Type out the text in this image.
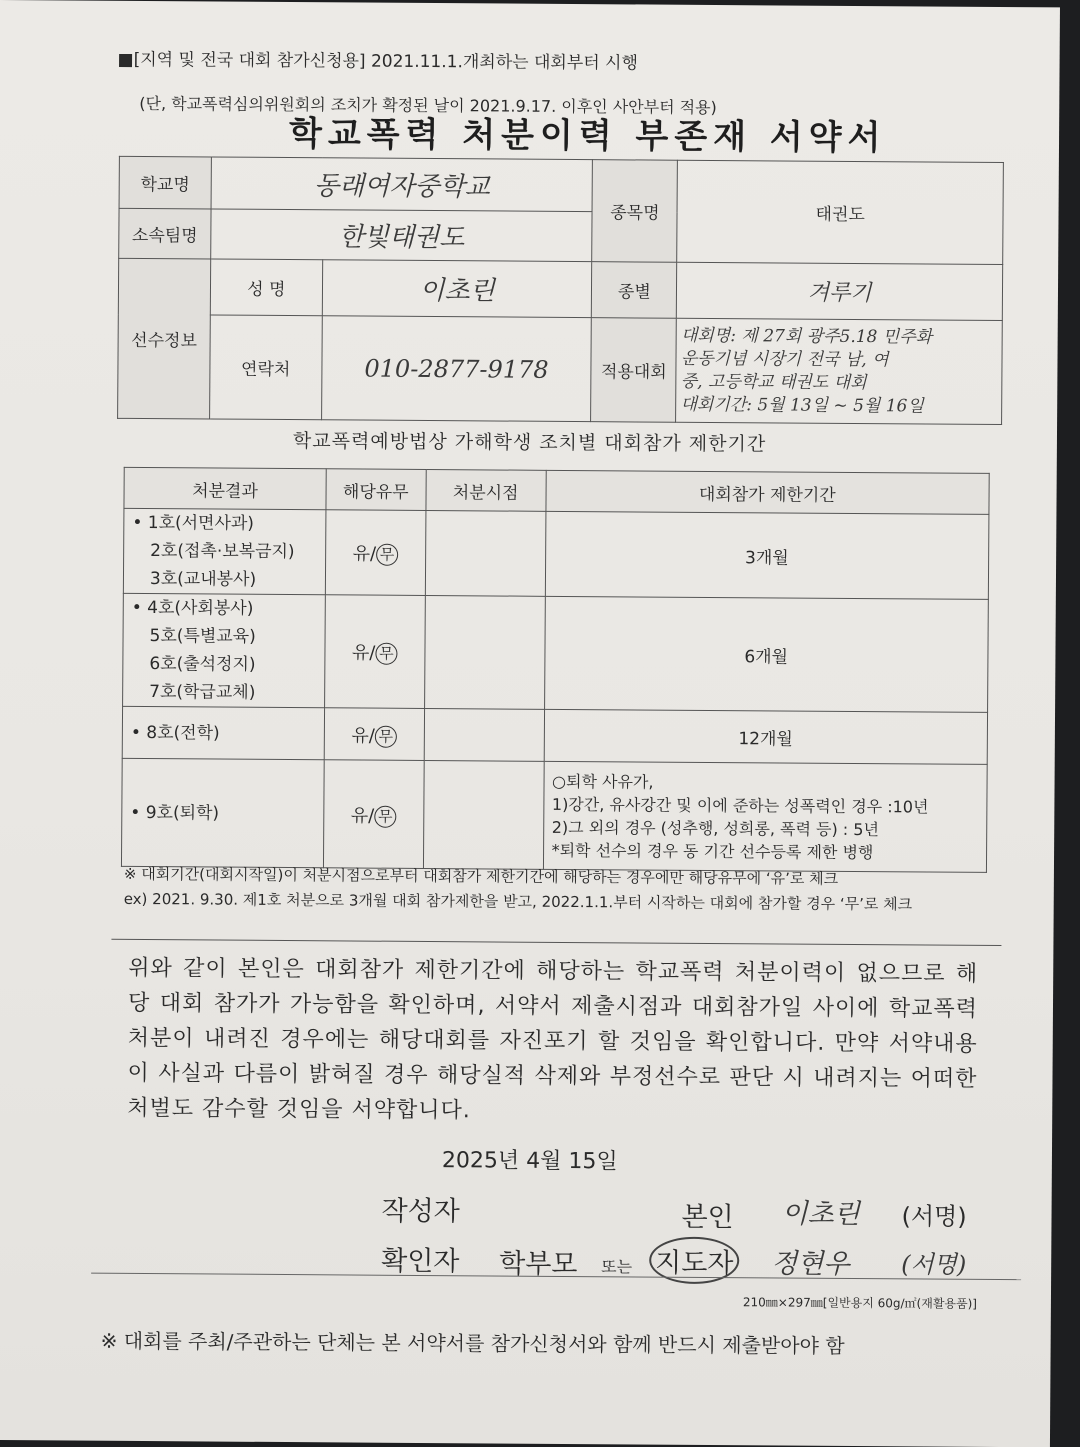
■[지역 및 전국 대회 참가신청용] 2021.11.1.개최하는 대회부터 시행
(단, 학교폭력심의위원회의 조치가 확정된 날이 2021.9.17. 이후인 사안부터 적용)
학교폭력 처분이력 부존재 서약서
학교명	동래여자중학교		종목명	태권도
소속팀명	한빛태권도			
선수정보	성 명	이초린	종별	겨루기
	연락처	010-2877-9178	적용대회	대회명: 제 27회 광주5.18 민주화
운동기념 시장기 전국 남, 여
중, 고등학교 태권도 대회
대회기간: 5월 13일 ~ 5월 16일
학교폭력예방법상 가해학생 조치별 대회참가 제한기간
처분결과	해당유무	처분시점	대회참가 제한기간

• 1호(서면사과)
2호(접촉·보복금지)
3호(교내봉사)	유/ 무		3개월

• 4호(사회봉사)
5호(특별교육)
6호(출석정지)
7호(학급교체)	유/ 무		6개월

• 8호(전학)	유/ 무		12개월

• 9호(퇴학)	유/ 무		○퇴학 사유가,
1)강간, 유사강간 및 이에 준하는 성폭력인 경우 :10년
2)그 외의 경우 (성추행, 성희롱, 폭력 등) : 5년
*퇴학 선수의 경우 동 기간 선수등록 제한 병행
※ 대회기간(대회시작일)이 처분시점으로부터 대회참가 제한기간에 해당하는 경우에만 해당유무에 ‘유’로 체크
ex) 2021. 9.30. 제1호 처분으로 3개월 대회 참가제한을 받고, 2022.1.1.부터 시작하는 대회에 참가할 경우 ‘무’로 체크
위와 같이 본인은 대회참가 제한기간에 해당하는 학교폭력 처분이력이 없으므로 해당 대회 참가가 가능함을 확인하며, 서약서 제출시점과 대회참가일 사이에 학교폭력 처분이 내려진 경우에는 해당대회를 자진포기 할 것임을 확인합니다. 만약 서약내용이 사실과 다름이 밝혀질 경우 해당실적 삭제와 부정선수로 판단 시 내려지는 어떠한 처벌도 감수할 것임을 서약합니다.
2025년 4월 15일
작성자	본인 이초린 (서명)
확인자 학부모 또는 지도자 정현우 (서명)
210㎜×297㎜[일반용지 60g/㎡(재활용품)]
※ 대회를 주최/주관하는 단체는 본 서약서를 참가신청서와 함께 반드시 제출받아야 함
